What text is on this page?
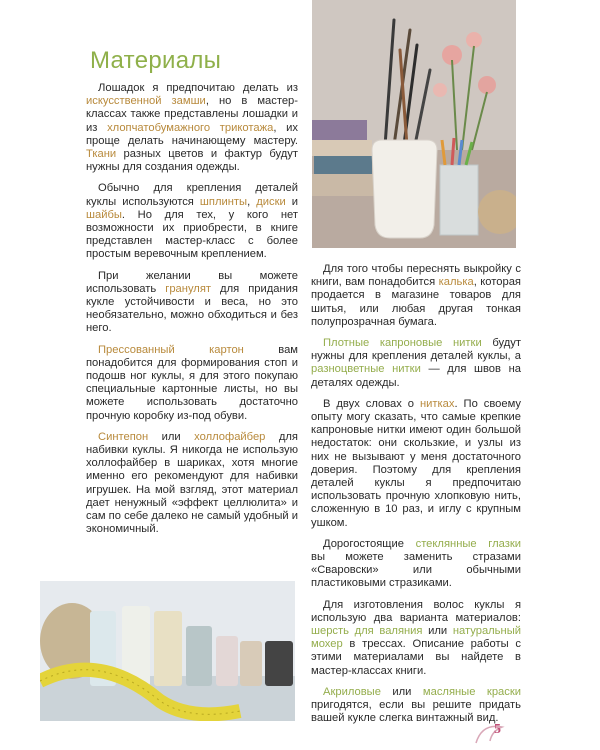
Материалы

Лошадок я предпочитаю делать из искусственной замши, но в мастер-классах также представлены лошадки и из хлопчатобумажного трикотажа, их проще делать начинающему мастеру. Ткани разных цветов и фактур будут нужны для создания одежды.

Обычно для крепления деталей куклы используются шплинты, диски и шайбы. Но для тех, у кого нет возможности их приобрести, в книге представлен мастер-класс с более простым веревочным креплением.

При желании вы можете использовать гранулят для придания кукле устойчивости и веса, но это необязательно, можно обходиться и без него.

Прессованный картон вам понадобится для формирования стоп и подошв ног куклы, я для этого покупаю специальные картонные листы, но вы можете использовать достаточно прочную коробку из-под обуви.

Синтепон или холлофайбер для набивки куклы. Я никогда не использую холлофайбер в шариках, хотя многие именно его рекомендуют для набивки игрушек. На мой взгляд, этот материал дает ненужный «эффект целлюлита» и сам по себе далеко не самый удобный и экономичный.

Для того чтобы переснять выкройку с книги, вам понадобится калька, которая продается в магазине товаров для шитья, или любая другая тонкая полупрозрачная бумага.

Плотные капроновые нитки будут нужны для крепления деталей куклы, а разноцветные нитки — для швов на деталях одежды.

В двух словах о нитках. По своему опыту могу сказать, что самые крепкие капроновые нитки имеют один большой недостаток: они скользкие, и узлы из них не вызывают у меня достаточного доверия. Поэтому для крепления деталей куклы я предпочитаю использовать прочную хлопковую нить, сложенную в 10 раз, и иглу с крупным ушком.

Дорогостоящие стеклянные глазки вы можете заменить стразами «Сваровски» или обычными пластиковыми стразиками.

Для изготовления волос куклы я использую два варианта материалов: шерсть для валяния или натуральный мохер в трессах. Описание работы с этими материалами вы найдете в мастер-классах книги.

Акриловые или масляные краски пригодятся, если вы решите придать вашей кукле слегка винтажный вид.

5
